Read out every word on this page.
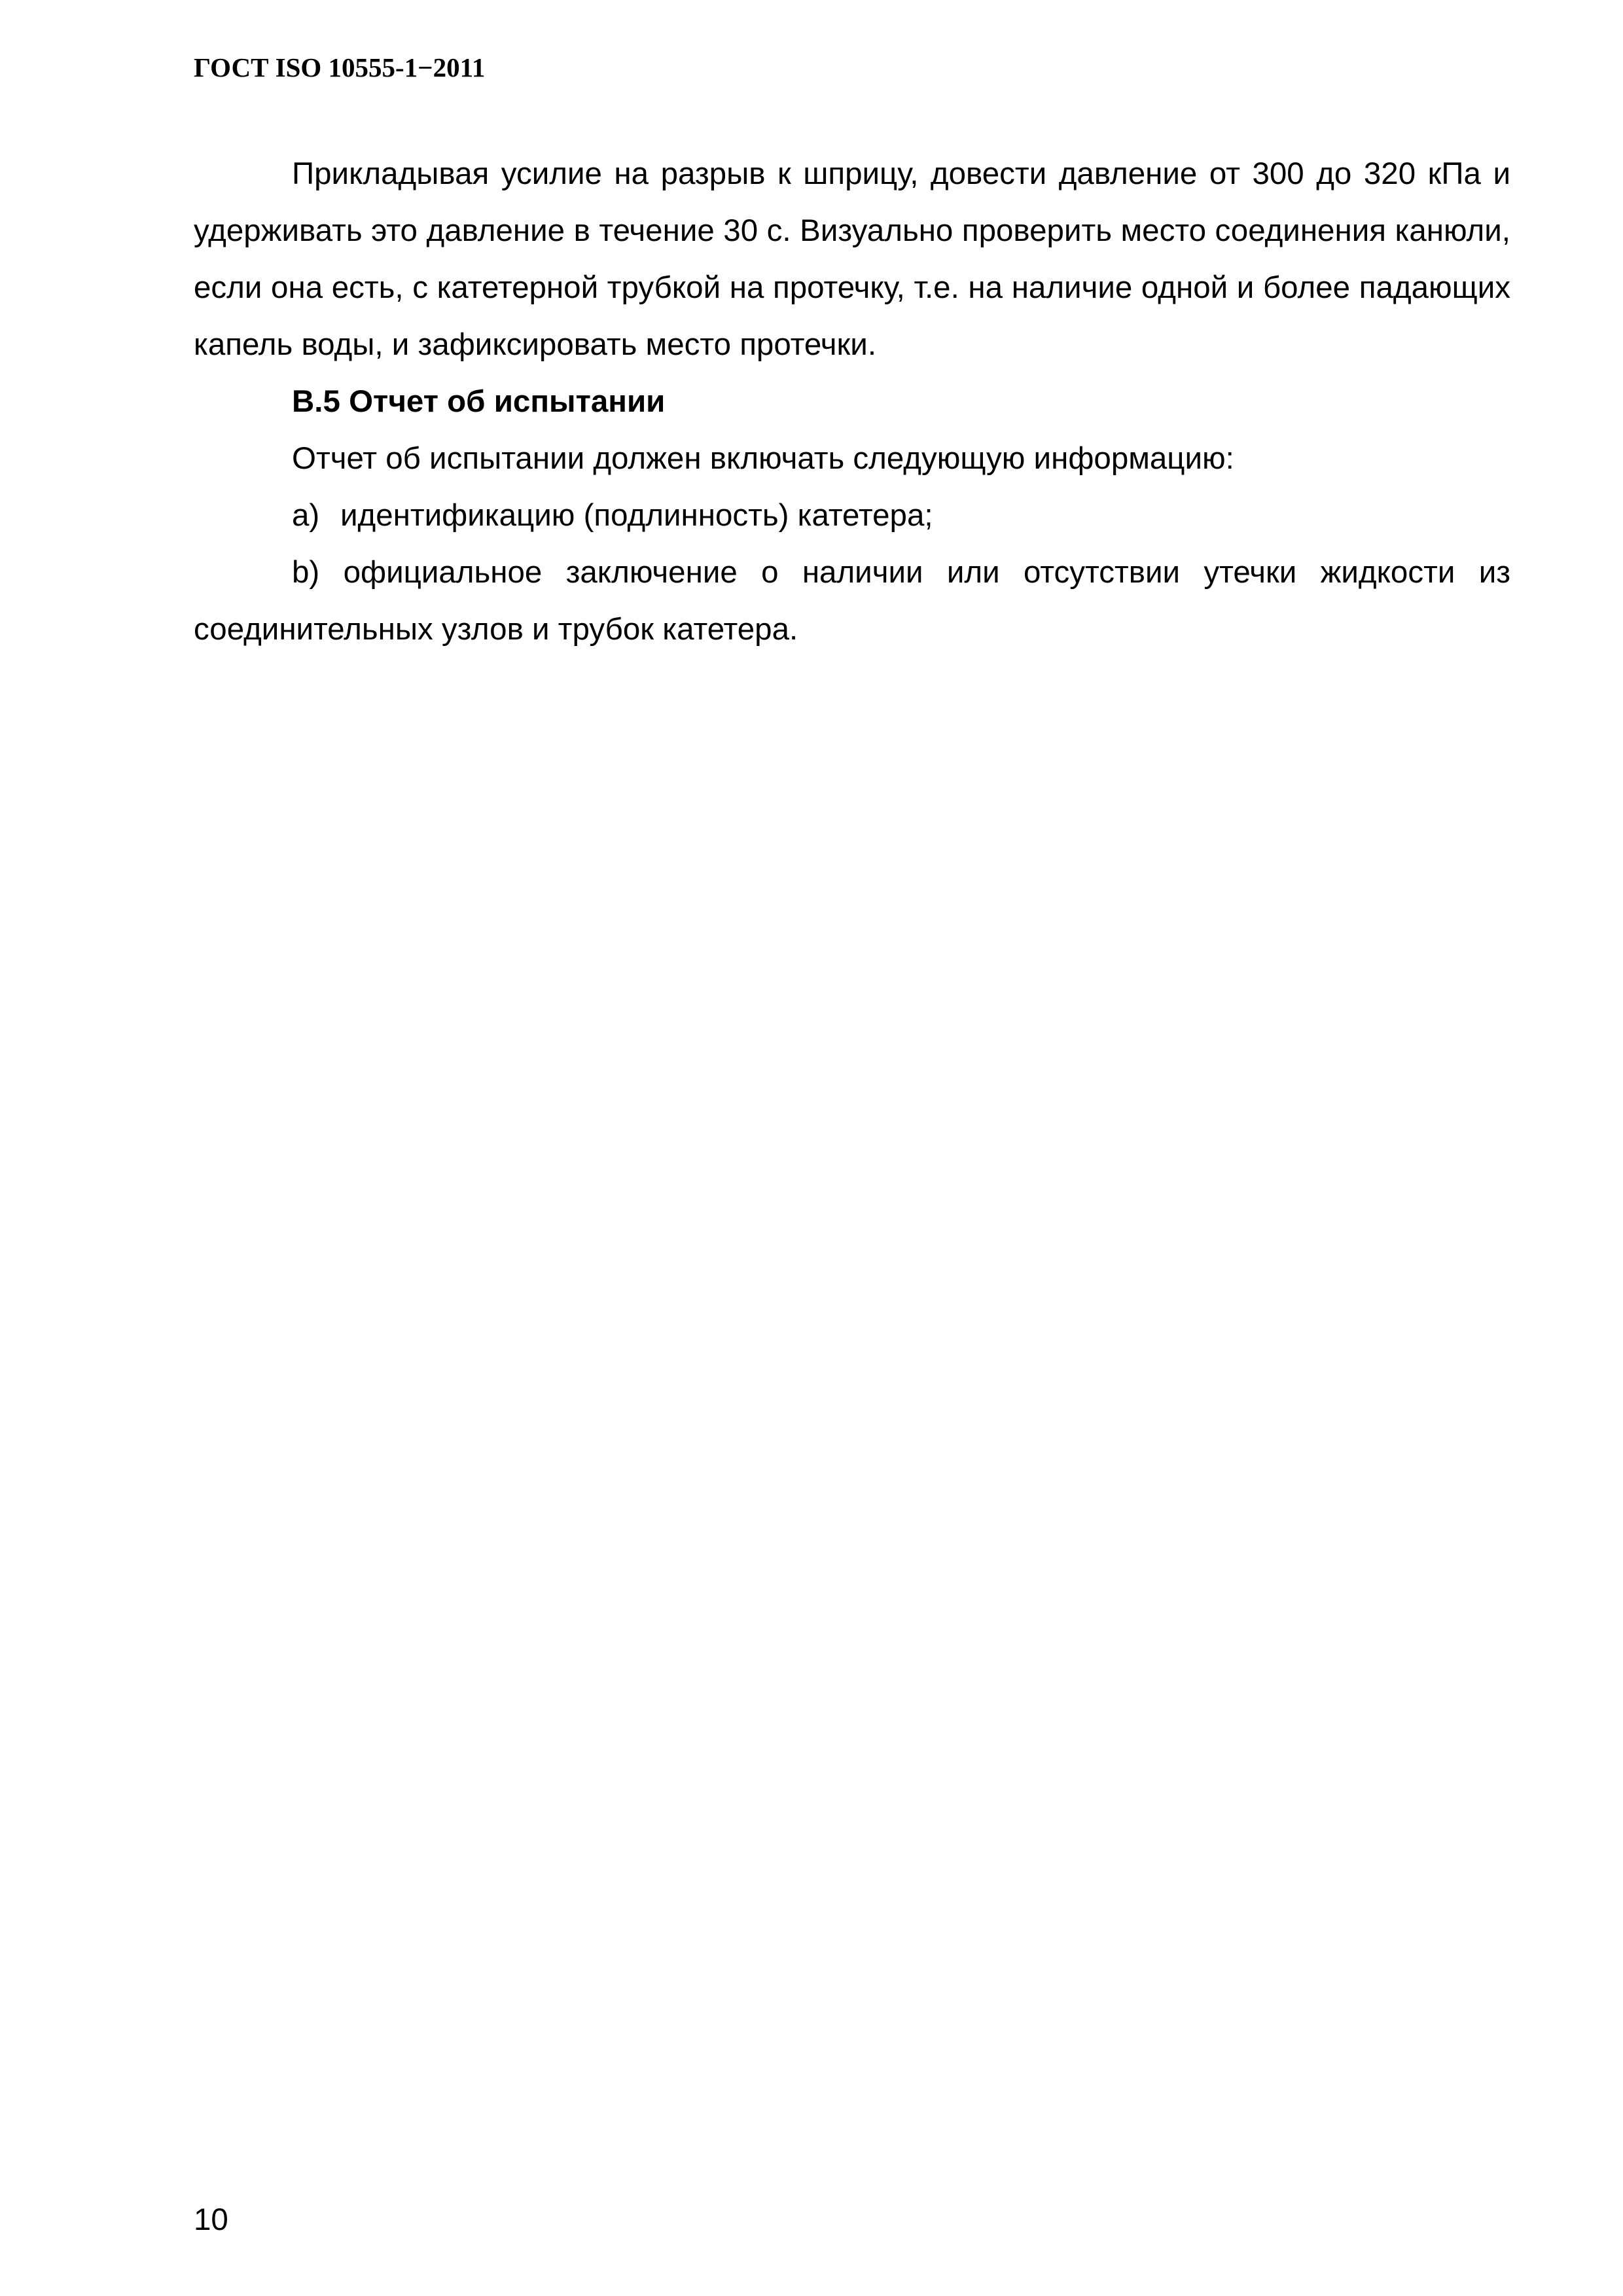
ГОСТ ISO 10555-1−2011

Прикладывая усилие на разрыв к шприцу, довести давление от 300 до 320 кПа и удерживать это давление в течение 30 с. Визуально проверить место соединения канюли, если она есть, с катетерной трубкой на протечку, т.е. на наличие одной и более падающих капель воды, и зафиксировать место протечки.

B.5 Отчет об испытании

Отчет об испытании должен включать следующую информацию:

a) идентификацию (подлинность) катетера;

b) официальное заключение о наличии или отсутствии утечки жидкости из соединительных узлов и трубок катетера.

10
